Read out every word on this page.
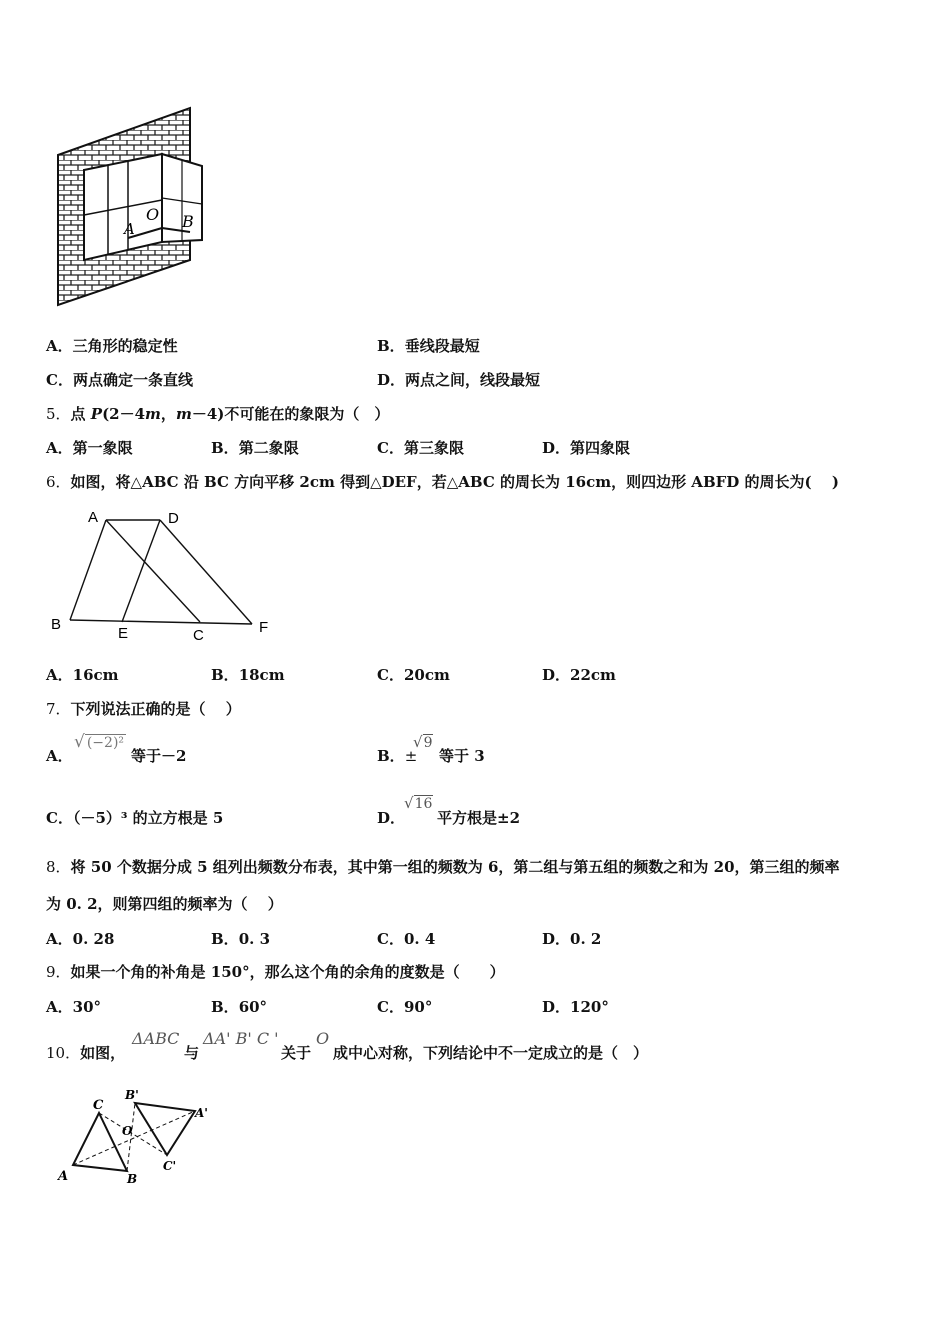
A
O B
A．三角形的稳定性	B．垂线段最短
C．两点确定一条直线	D．两点之间，线段最短
5．点 P(2－4m，m－4)不可能在的象限为（　）
A．第一象限	B．第二象限	C．第三象限	D．第四象限
6．如图，将△ABC 沿 BC 方向平移 2cm 得到△DEF，若△ABC 的周长为 16cm，则四边形 ABFD 的周长为(　 )
A	D
B
E	C	F
A．16cm	B．18cm	C．20cm	D．22cm
7．下列说法正确的是（　 ）
A．
√ (−2)²
等于－2	B．±
√9
等于 3
C．（－5）³ 的立方根是 5	D．
√16
平方根是±2
8．将 50 个数据分成 5 组列出频数分布表，其中第一组的频数为 6，第二组与第五组的频数之和为 20，第三组的频率
为 0. 2，则第四组的频率为（　 ）
A．0. 28	B．0. 3	C．0. 4	D．0. 2
9．如果一个角的补角是 150°，那么这个角的余角的度数是（　　）
A．30°	B．60°	C．90°	D．120°
10．如图，
ΔABC
与
ΔA' B' C '
关于
O
成中心对称，下列结论中不一定成立的是（　）
C
B'
A'
O
C'
A	B
